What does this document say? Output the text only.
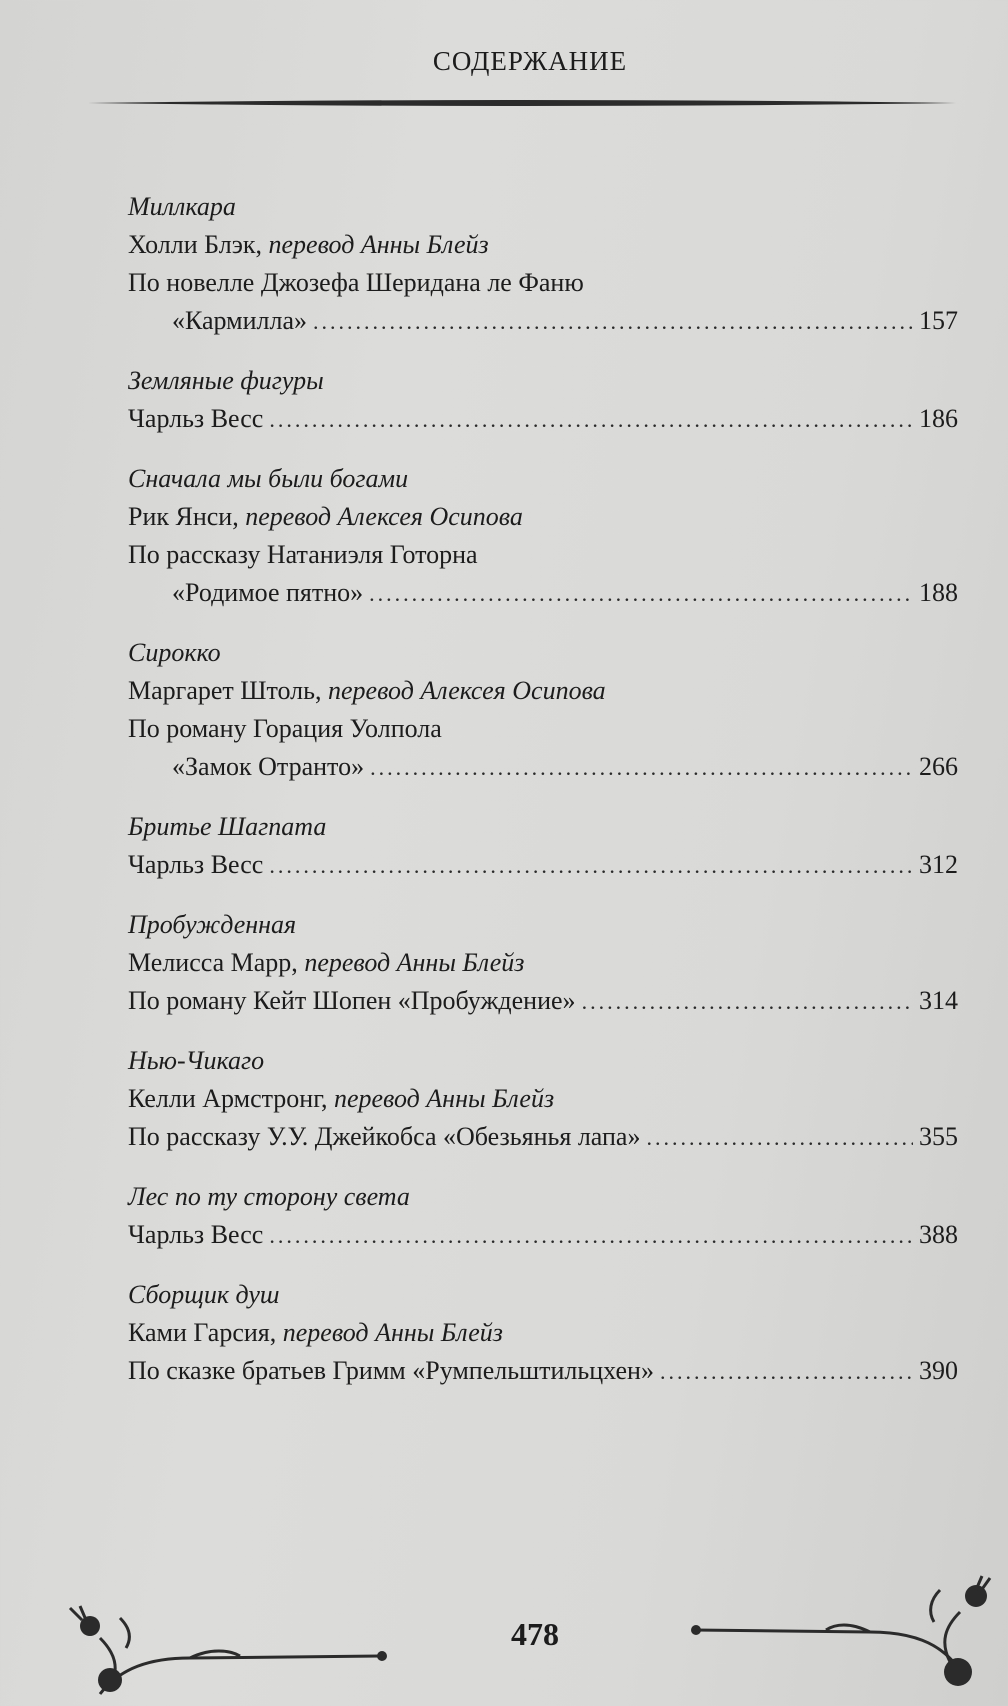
СОДЕРЖАНИЕ
Миллкара
Холли Блэк,
перевод Анны Блейз
По новелле Джозефа Шеридана ле Фаню
«Кармилла» .....	157
Земляные фигуры
Чарльз Весс .....	186
Сначала мы были богами
Рик Янси,
перевод Алексея Осипова
По рассказу Натаниэля Готорна
«Родимое пятно» .....	188
Сирокко
Маргарет Штоль,
перевод Алексея Осипова
По роману Горация Уолпола
«Замок Отранто» .....	266
Бритье Шагпата
Чарльз Весс .....	312
Пробужденная
Мелисса Марр,
перевод Анны Блейз
По роману Кейт Шопен «Пробуждение» .....	314
Нью-Чикаго
Келли Армстронг,
перевод Анны Блейз
По рассказу У.У. Джейкобса «Обезьянья лапа» .....	355
Лес по ту сторону света
Чарльз Весс .....	388
Сборщик душ
Ками Гарсия,
перевод Анны Блейз
По сказке братьев Гримм «Румпельштильцхен» .....	390
478
